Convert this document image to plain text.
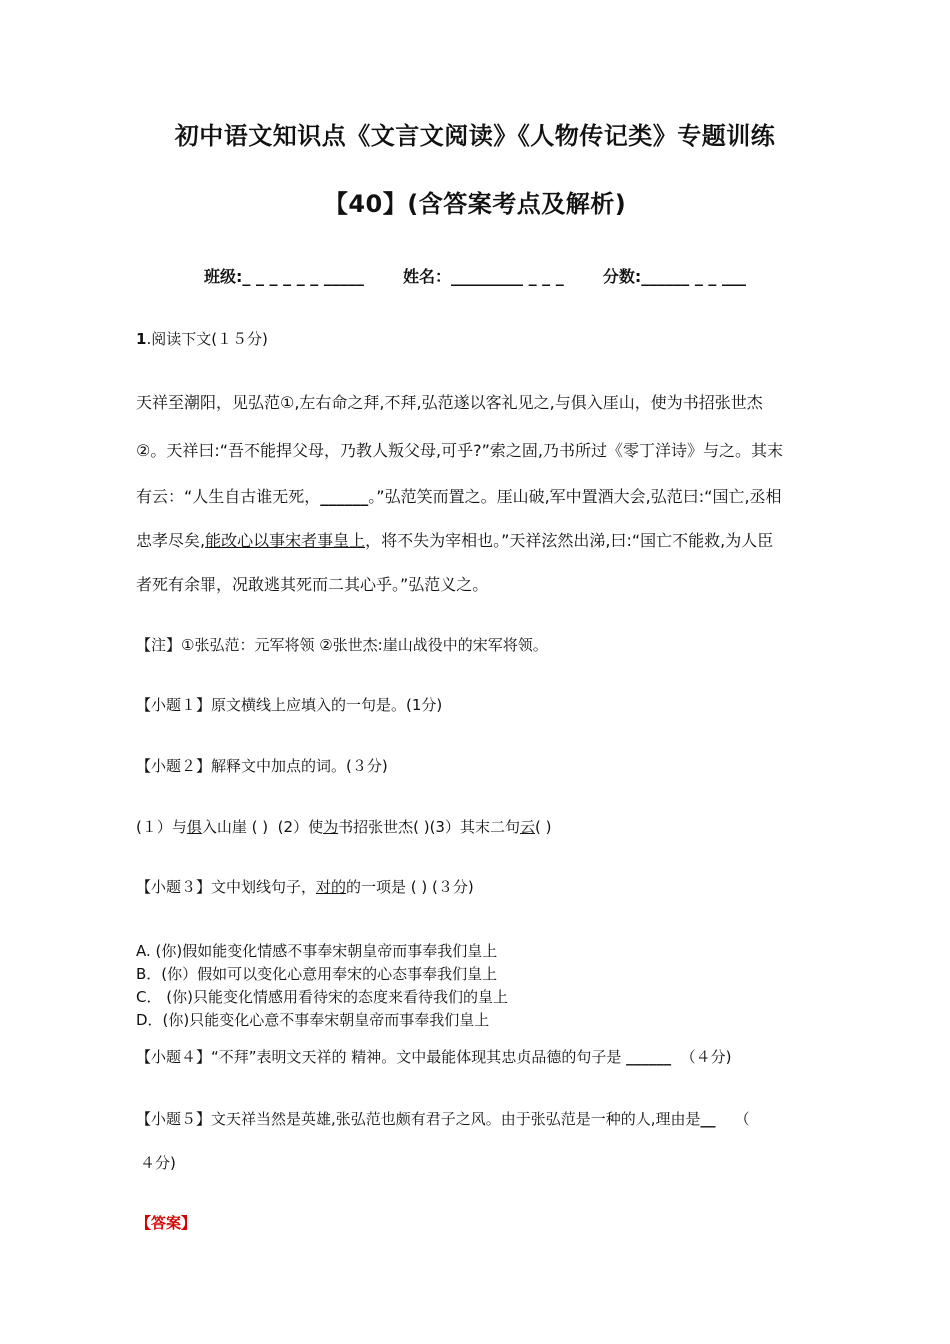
初中语文知识点《文言文阅读》《人物传记类》专题训练
【40】(含答案考点及解析)
班级:_ _ _ _ _ _ _____ 姓名：_________ _ _ _ 分数:______ _ _ ___
1.阅读下文(１５分)
天祥至潮阳，见弘范①,左右命之拜,不拜,弘范遂以客礼见之,与俱入厓山，使为书招张世杰
②。天祥曰:“吾不能捍父母，乃教人叛父母,可乎?”索之固,乃书所过《零丁洋诗》与之。其末
有云：“人生自古谁无死，______。”弘范笑而置之。厓山破,军中置酒大会,弘范曰:“国亡,丞相
忠孝尽矣,能改心以事宋者事皇上，将不失为宰相也。”天祥泫然出涕,曰:“国亡不能救,为人臣
者死有余罪，况敢逃其死而二其心乎。”弘范义之。
【注】①张弘范：元军将领 ②张世杰:崖山战役中的宋军将领。
【小题１】原文横线上应填入的一句是。(1分)
【小题２】解释文中加点的词。(３分)
(１）与俱入山崖 ( ) (2）使为书招张世杰( )(3）其末二句云( )
【小题３】文中划线句子，对的的一项是 ( ) (３分)
A. (你)假如能变化情感不事奉宋朝皇帝而事奉我们皇上
B．(你）假如可以变化心意用奉宋的心态事奉我们皇上
C． (你)只能变化情感用看待宋的态度来看待我们的皇上
D．(你)只能变化心意不事奉宋朝皇帝而事奉我们皇上
【小题４】“不拜”表明文天祥的 精神。文中最能体现其忠贞品德的句子是 ______ （４分)
【小题５】文天祥当然是英雄,张弘范也颇有君子之风。由于张弘范是一种的人,理由是__ （
４分)
【答案】
